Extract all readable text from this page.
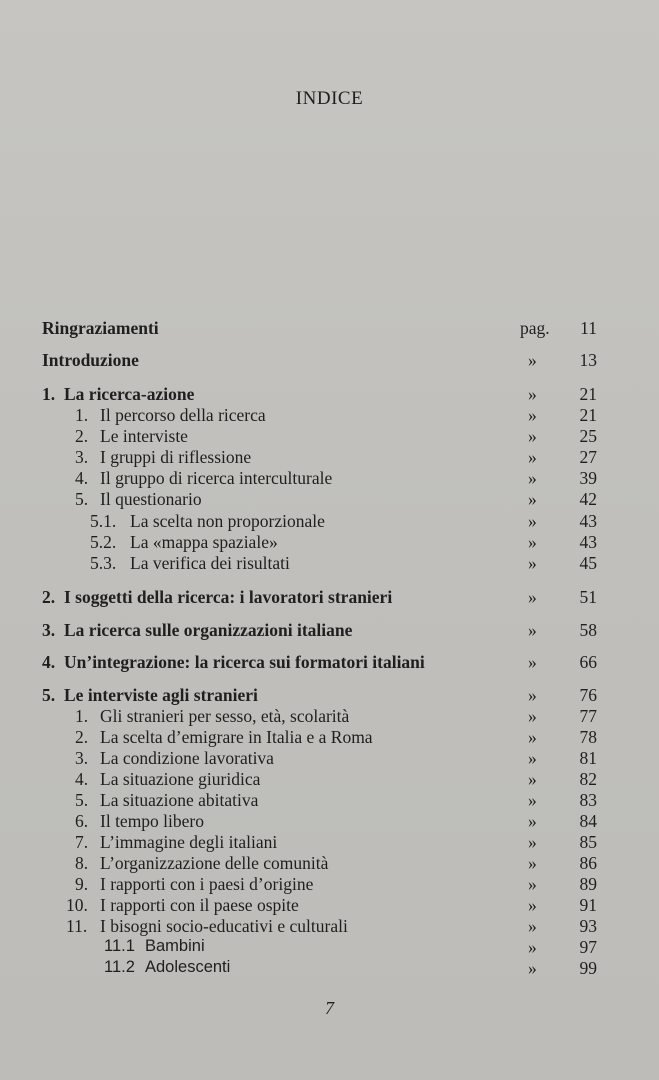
INDICE
Ringraziamenti	pag. 11
Introduzione	» 13
1. La ricerca-azione	» 21
1. Il percorso della ricerca	» 21
2. Le interviste	» 25
3. I gruppi di riflessione	» 27
4. Il gruppo di ricerca interculturale	» 39
5. Il questionario	» 42
5.1. La scelta non proporzionale	» 43
5.2. La «mappa spaziale»	» 43
5.3. La verifica dei risultati	» 45
2. I soggetti della ricerca: i lavoratori stranieri	» 51
3. La ricerca sulle organizzazioni italiane	» 58
4. Un’integrazione: la ricerca sui formatori italiani	» 66
5. Le interviste agli stranieri	» 76
1. Gli stranieri per sesso, età, scolarità	» 77
2. La scelta d’emigrare in Italia e a Roma	» 78
3. La condizione lavorativa	» 81
4. La situazione giuridica	» 82
5. La situazione abitativa	» 83
6. Il tempo libero	» 84
7. L’immagine degli italiani	» 85
8. L’organizzazione delle comunità	» 86
9. I rapporti con i paesi d’origine	» 89
10. I rapporti con il paese ospite	» 91
11. I bisogni socio-educativi e culturali	» 93
11.1 Bambini	» 97
11.2 Adolescenti	» 99
7
